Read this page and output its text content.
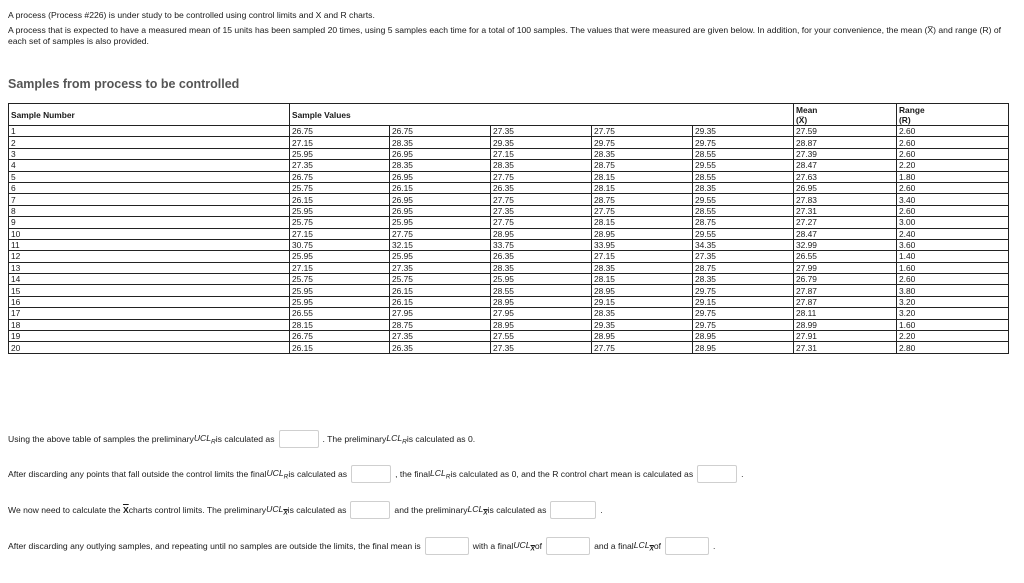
A process (Process #226) is under study to be controlled using control limits and X and R charts.

A process that is expected to have a measured mean of 15 units has been sampled 20 times, using 5 samples each time for a total of 100 samples. The values that were measured are given below. In addition, for your convenience, the mean (X̅) and range (R) of each set of samples is also provided.

Samples from process to be controlled
Sample Number	Sample Values					Mean	Range
						(X̅)	(R)
1	26.75	26.75	27.35	27.75	29.35	27.59	2.60
2	27.15	28.35	29.35	29.75	29.75	28.87	2.60
3	25.95	26.95	27.15	28.35	28.55	27.39	2.60
4	27.35	28.35	28.35	28.75	29.55	28.47	2.20
5	26.75	26.95	27.75	28.15	28.55	27.63	1.80
6	25.75	26.15	26.35	28.15	28.35	26.95	2.60
7	26.15	26.95	27.75	28.75	29.55	27.83	3.40
8	25.95	26.95	27.35	27.75	28.55	27.31	2.60
9	25.75	25.95	27.75	28.15	28.75	27.27	3.00
10	27.15	27.75	28.95	28.95	29.55	28.47	2.40
11	30.75	32.15	33.75	33.95	34.35	32.99	3.60
12	25.95	25.95	26.35	27.15	27.35	26.55	1.40
13	27.15	27.35	28.35	28.35	28.75	27.99	1.60
14	25.75	25.75	25.95	28.15	28.35	26.79	2.60
15	25.95	26.15	28.55	28.95	29.75	27.87	3.80
16	25.95	26.15	28.95	29.15	29.15	27.87	3.20
17	26.55	27.95	27.95	28.35	29.75	28.11	3.20
18	28.15	28.75	28.95	29.35	29.75	28.99	1.60
19	26.75	27.35	27.55	28.95	28.95	27.91	2.20
20	26.15	26.35	27.35	27.75	28.95	27.31	2.80
Using the above table of samples the preliminary $UCL_R$ is calculated as	. The preliminary $LCL_R$ is calculated as 0.
After discarding any points that fall outside the control limits the final $UCL_R$ is calculated as	, the final $LCL_R$ is calculated as 0, and the R control chart mean is calculated as	.
We now need to calculate the
$\overline{X}$ charts control limits. The preliminary $UCL_{\overline{X}}$ is calculated as	and the preliminary $LCL_{\overline{X}}$ is calculated as	.
After discarding any outlying samples, and repeating until no samples are outside the limits, the final mean is	with a final $UCL_{\overline{X}}$ of	and a final $LCL_{\overline{X}}$ of	.
